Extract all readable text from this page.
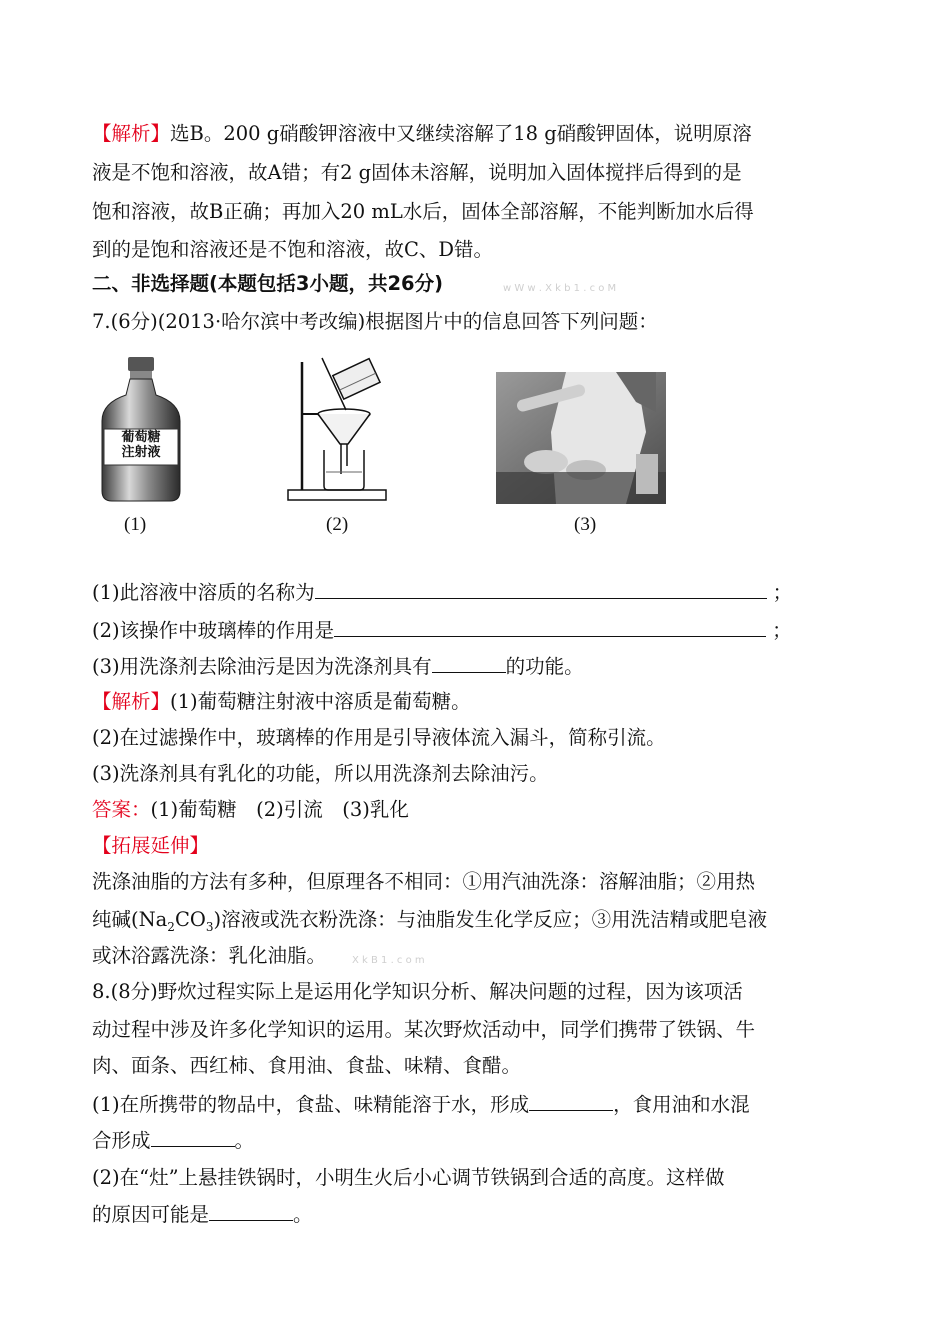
【解析】选B。200 g硝酸钾溶液中又继续溶解了18 g硝酸钾固体，说明原溶
液是不饱和溶液，故A错；有2 g固体未溶解，说明加入固体搅拌后得到的是
饱和溶液，故B正确；再加入20 mL水后，固体全部溶解，不能判断加水后得
到的是饱和溶液还是不饱和溶液，故C、D错。
二、非选择题(本题包括3小题，共26分)	w W w . X k b 1 . c o M
7.(6分)(2013·哈尔滨中考改编)根据图片中的信息回答下列问题：
葡萄糖
注射液
(1)	(2)	(3)
(1)此溶液中溶质的名称为	；
(2)该操作中玻璃棒的作用是	；
(3)用洗涤剂去除油污是因为洗涤剂具有	的功能。
【解析】(1)葡萄糖注射液中溶质是葡萄糖。
(2)在过滤操作中，玻璃棒的作用是引导液体流入漏斗，简称引流。
(3)洗涤剂具有乳化的功能，所以用洗涤剂去除油污。
答案：(1)葡萄糖　(2)引流　(3)乳化
【拓展延伸】
洗涤油脂的方法有多种，但原理各不相同：①用汽油洗涤：溶解油脂；②用热
纯碱$(Na_2CO_3)$溶液或洗衣粉洗涤：与油脂发生化学反应；③用洗洁精或肥皂液
或沐浴露洗涤：乳化油脂。	X k B 1 . c o m
8.(8分)野炊过程实际上是运用化学知识分析、解决问题的过程，因为该项活
动过程中涉及许多化学知识的运用。某次野炊活动中，同学们携带了铁锅、牛
肉、面条、西红柿、食用油、食盐、味精、食醋。
(1)在所携带的物品中，食盐、味精能溶于水，形成	，食用油和水混
合形成	。
(2)在“灶”上悬挂铁锅时，小明生火后小心调节铁锅到合适的高度。这样做
的原因可能是	。
